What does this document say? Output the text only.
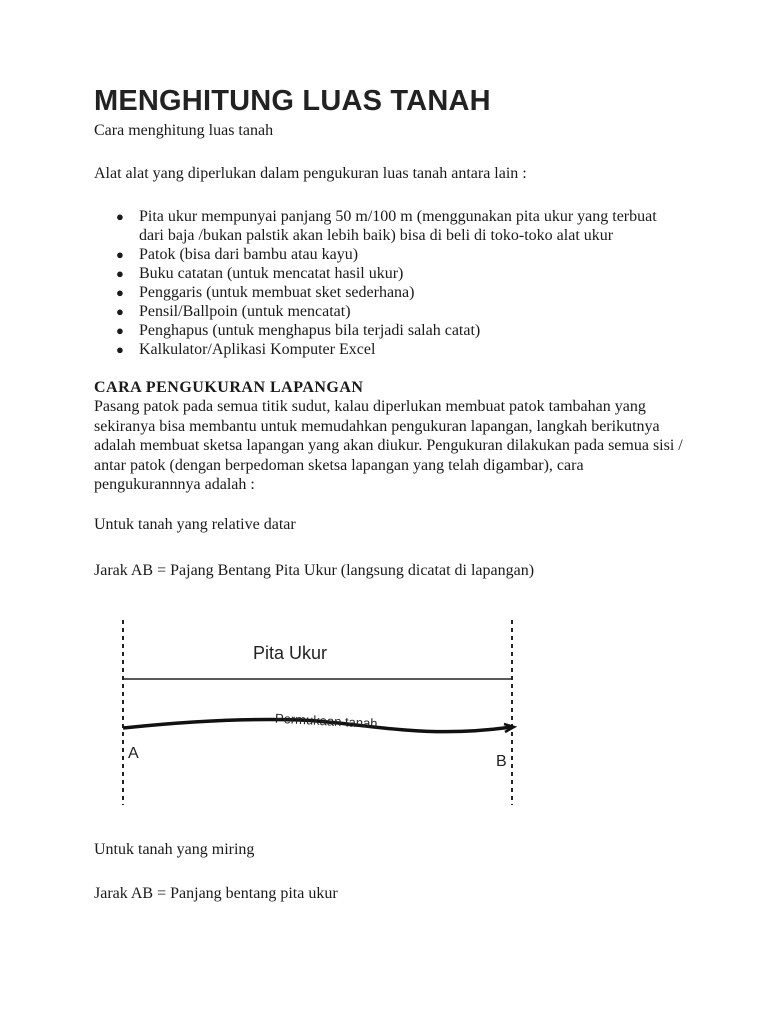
MENGHITUNG LUAS TANAH

Cara menghitung luas tanah

Alat alat yang diperlukan dalam pengukuran luas tanah antara lain :

● Pita ukur mempunyai panjang 50 m/100 m (menggunakan pita ukur yang terbuat dari baja /bukan palstik akan lebih baik) bisa di beli di toko-toko alat ukur
● Patok (bisa dari bambu atau kayu)
● Buku catatan (untuk mencatat hasil ukur)
● Penggaris (untuk membuat sket sederhana)
● Pensil/Ballpoin (untuk mencatat)
● Penghapus (untuk menghapus bila terjadi salah catat)
● Kalkulator/Aplikasi Komputer Excel

CARA PENGUKURAN LAPANGAN

Pasang patok pada semua titik sudut, kalau diperlukan membuat patok tambahan yang sekiranya bisa membantu untuk memudahkan pengukuran lapangan, langkah berikutnya adalah membuat sketsa lapangan yang akan diukur. Pengukuran dilakukan pada semua sisi / antar patok (dengan berpedoman sketsa lapangan yang telah digambar), cara pengukurannnya adalah :

Untuk tanah yang relative datar

Jarak AB = Pajang Bentang Pita Ukur (langsung dicatat di lapangan)

Pita Ukur
Permukaan tanah
A	B

Untuk tanah yang miring

Jarak AB = Panjang bentang pita ukur
